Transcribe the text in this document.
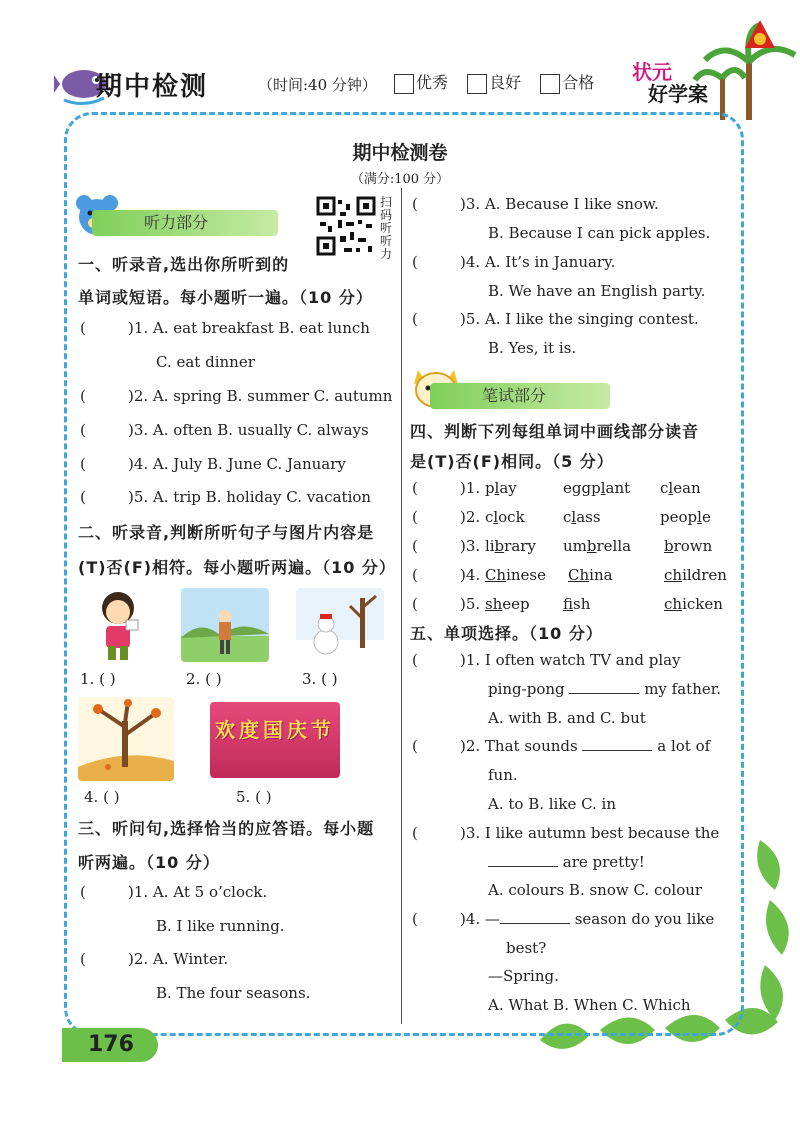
期中检测	（时间:40 分钟）	优秀	良好	合格 状元
好学案
期中检测卷
（满分:100 分）
听力部分
扫码听听力
一、听录音,选出你所听到的
单词或短语。每小题听一遍。（10 分）
(	)1. A. eat breakfast B. eat lunch
C. eat dinner
(	)2. A. spring B. summer C. autumn
(	)3. A. often B. usually C. always
(	)4. A. July B. June C. January
(	)5. A. trip B. holiday C. vacation
二、听录音,判断所听句子与图片内容是
(T)否(F)相符。每小题听两遍。（10 分）
1. ( )	2. ( )	3. ( )
欢度国庆节
4. ( )	5. ( )
三、听问句,选择恰当的应答语。每小题
听两遍。（10 分）
(	)1. A. At 5 o’clock.
B. I like running.
(	)2. A. Winter.
B. The four seasons.
(	)3. A. Because I like snow.
B. Because I can pick apples.
(	)4. A. It’s in January.
B. We have an English party.
(	)5. A. I like the singing contest.
B. Yes, it is.
笔试部分
四、判断下列每组单词中画线部分读音
是(T)否(F)相同。（5 分）
(	)1. play	eggplant clean
(	)2. clock	class	people
(	)3. library umbrella brown
(	)4. Chinese China	children
(	)5. sheep fish	chicken
五、单项选择。（10 分）
(	)1. I often watch TV and play
ping-pong	my father.
A. with B. and C. but
(	)2. That sounds	a lot of
fun.
A. to B. like C. in
(	)3. I like autumn best because the
are pretty!
A. colours B. snow C. colour
(	)4. —	season do you like
best?
—Spring.
A. What B. When C. Which
176
